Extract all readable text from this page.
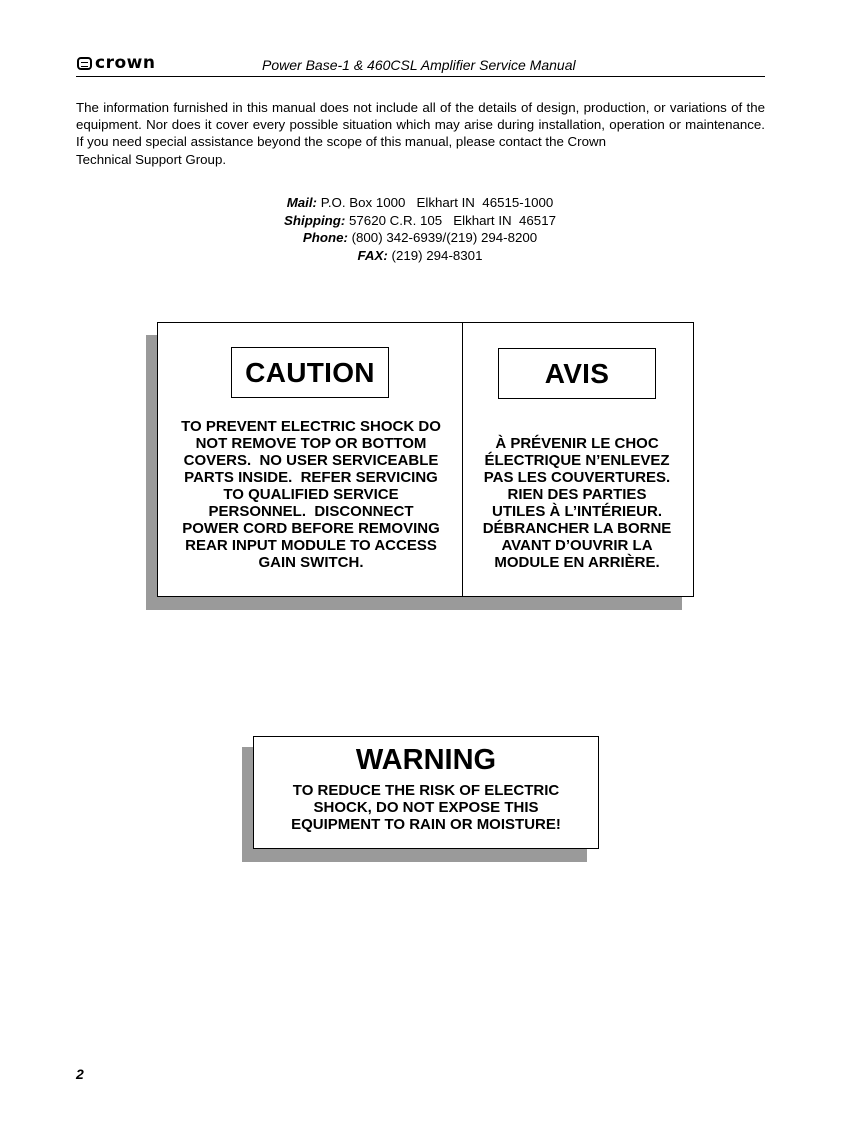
crown	Power Base-1 & 460CSL Amplifier Service Manual
The information furnished in this manual does not include all of the details of design, production, or variations of the equipment. Nor does it cover every possible situation which may arise during installation, operation or maintenance. If you need special assistance beyond the scope of this manual, please contact the Crown
Technical Support Group.
Mail: P.O. Box 1000   Elkhart IN  46515-1000
Shipping: 57620 C.R. 105   Elkhart IN  46517
Phone: (800) 342-6939/(219) 294-8200
FAX: (219) 294-8301
CAUTION	AVIS
TO PREVENT ELECTRIC SHOCK DO
NOT REMOVE TOP OR BOTTOM
COVERS.  NO USER SERVICEABLE
PARTS INSIDE.  REFER SERVICING
TO QUALIFIED SERVICE
PERSONNEL.  DISCONNECT
POWER CORD BEFORE REMOVING
REAR INPUT MODULE TO ACCESS
GAIN SWITCH.
À PRÉVENIR LE CHOC
ÉLECTRIQUE N’ENLEVEZ
PAS LES COUVERTURES.
RIEN DES PARTIES
UTILES À L’INTÉRIEUR.
DÉBRANCHER LA BORNE
AVANT D’OUVRIR LA
MODULE EN ARRIÈRE.
WARNING
TO REDUCE THE RISK OF ELECTRIC
SHOCK, DO NOT EXPOSE THIS
EQUIPMENT TO RAIN OR MOISTURE!
2
